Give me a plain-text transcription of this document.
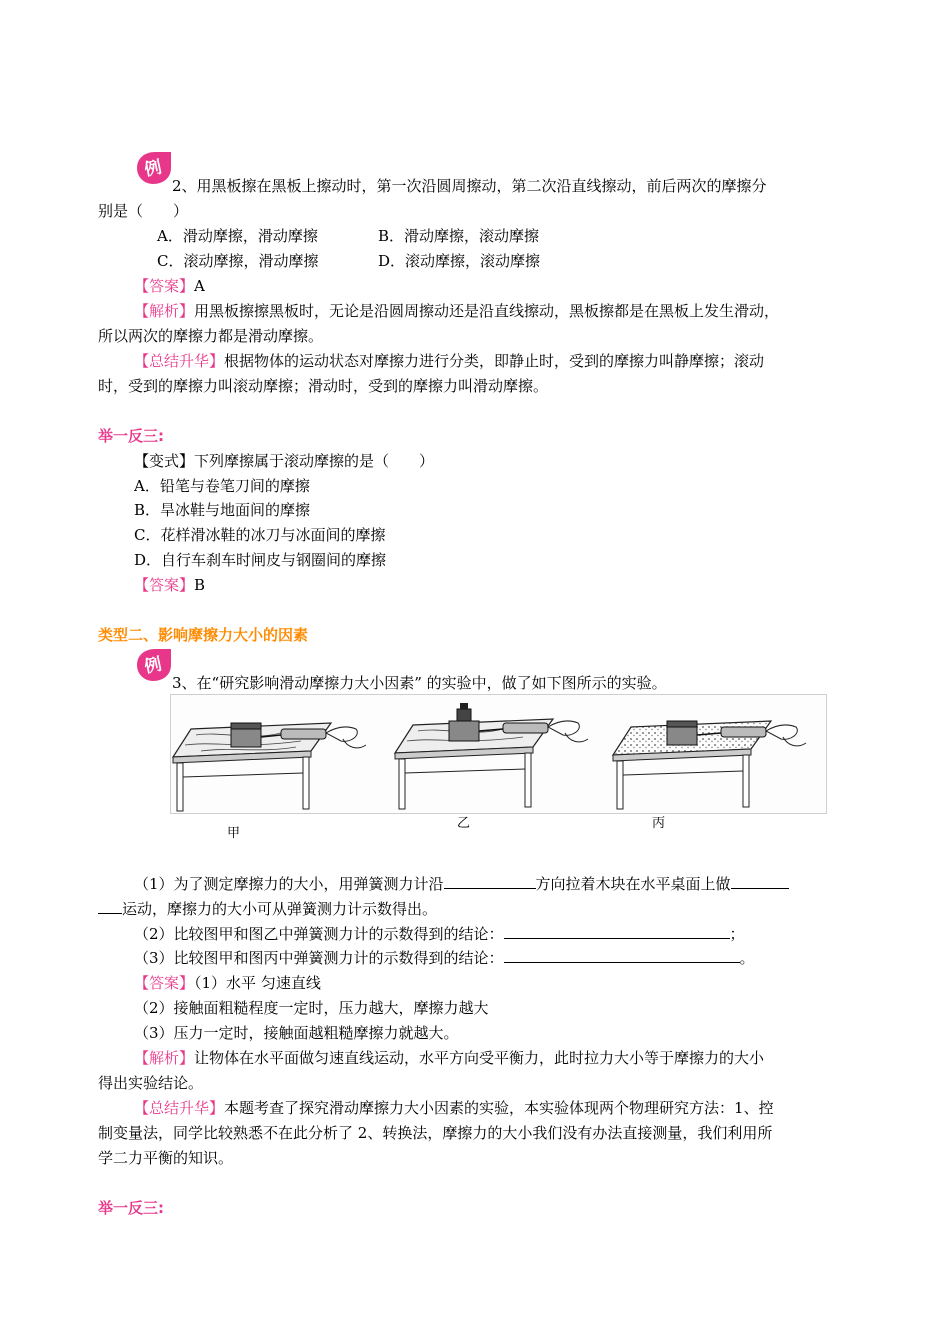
例
2、用黑板擦在黑板上擦动时，第一次沿圆周擦动，第二次沿直线擦动，前后两次的摩擦分
别是（　　）
A．滑动摩擦，滑动摩擦	B．滑动摩擦，滚动摩擦
C．滚动摩擦，滑动摩擦	D．滚动摩擦，滚动摩擦
【答案】A
【解析】用黑板擦擦黑板时，无论是沿圆周擦动还是沿直线擦动，黑板擦都是在黑板上发生滑动，
所以两次的摩擦力都是滑动摩擦。
【总结升华】根据物体的运动状态对摩擦力进行分类，即静止时，受到的摩擦力叫静摩擦；滚动
时，受到的摩擦力叫滚动摩擦；滑动时，受到的摩擦力叫滑动摩擦。
举一反三:
【变式】下列摩擦属于滚动摩擦的是（　　）
A．铅笔与卷笔刀间的摩擦
B．旱冰鞋与地面间的摩擦
C．花样滑冰鞋的冰刀与冰面间的摩擦
D．自行车刹车时闸皮与钢圈间的摩擦
【答案】B
类型二、影响摩擦力大小的因素
例
3、在“研究影响滑动摩擦力大小因素” 的实验中，做了如下图所示的实验。
甲
乙	丙
（1）为了测定摩擦力的大小，用弹簧测力计沿	方向拉着木块在水平桌面上做
运动，摩擦力的大小可从弹簧测力计示数得出。
（2）比较图甲和图乙中弹簧测力计的示数得到的结论：	；
（3）比较图甲和图丙中弹簧测力计的示数得到的结论：	。
【答案】（1）水平 匀速直线
（2）接触面粗糙程度一定时，压力越大，摩擦力越大
（3）压力一定时，接触面越粗糙摩擦力就越大。
【解析】让物体在水平面做匀速直线运动，水平方向受平衡力，此时拉力大小等于摩擦力的大小
得出实验结论。
【总结升华】本题考查了探究滑动摩擦力大小因素的实验，本实验体现两个物理研究方法：1、控
制变量法，同学比较熟悉不在此分析了 2、转换法，摩擦力的大小我们没有办法直接测量，我们利用所
学二力平衡的知识。
举一反三:
